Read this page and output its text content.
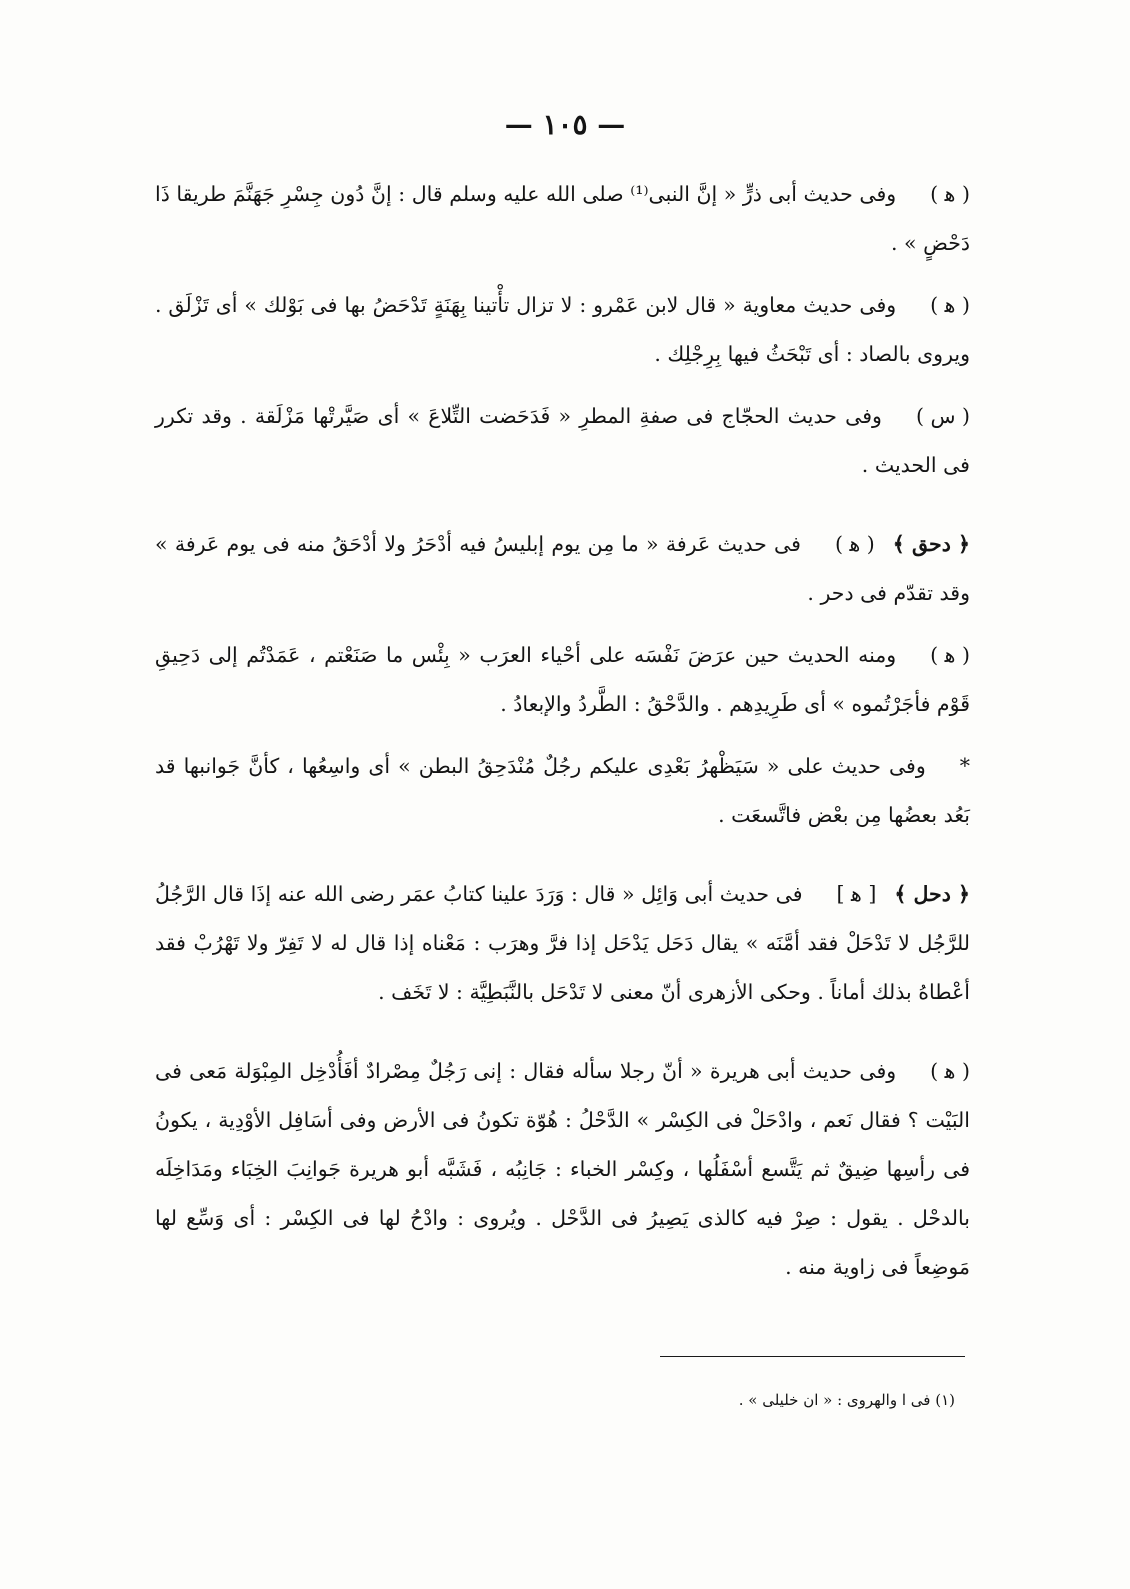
— ١٠٥ —

( ﻫ )وفى حديث أبى ذرٍّ « إنَّ النبى⁽¹⁾ صلى الله عليه وسلم قال : إنَّ دُون جِسْرِ جَهَنَّمَ طريقا ذَا دَحْضٍ » .

( ﻫ )وفى حديث معاوية « قال لابن عَمْرو : لا تزال تأْتينا بِهَنَةٍ تَدْحَضُ بها فى بَوْلك » أى تَزْلَق . ويروى بالصاد : أى تَبْحَثُ فيها بِرِجْلِك .

( س )وفى حديث الحجّاج فى صفةِ المطرِ « فَدَحَضت التِّلاعَ » أى صَيَّرتْها مَزْلَقة . وقد تكرر فى الحديث .

﴿ دحق ﴾( ﻫ )فى حديث عَرفة « ما مِن يوم إبليسُ فيه أدْحَرُ ولا أدْحَقُ منه فى يوم عَرفة » وقد تقدّم فى دحر .

( ﻫ )ومنه الحديث حين عرَضَ نَفْسَه على أحْياء العرَب « بِئْس ما صَنَعْتم ، عَمَدْتُم إلى دَحِيقِ قَوْم فأجَرْتُموه » أى طَرِيدِهم . والدَّحْقُ : الطَّردُ والإبعادُ .

*وفى حديث على « سَيَظْهرُ بَعْدِى عليكم رجُلٌ مُنْدَحِقُ البطن » أى واسِعُها ، كأنَّ جَوانبها قد بَعُد بعضُها مِن بعْض فاتَّسعَت .

﴿ دحل ﴾[ ﻫ ]فى حديث أبى وَائِل « قال : وَرَدَ علينا كتابُ عمَر رضى الله عنه إذَا قال الرَّجُلُ للرَّجُل لا تَدْحَلْ فقد أمَّنَه » يقال دَحَل يَدْحَل إذا فرَّ وهرَب : مَعْناه إذا قال له لا تَفِرّ ولا تَهْرُبْ فقد أعْطاهُ بذلك أماناً . وحكى الأزهرى أنّ معنى لا تَدْحَل بالنَّبَطِيَّة : لا تَخَف .

( ﻫ )وفى حديث أبى هريرة « أنّ رجلا سأله فقال : إنى رَجُلٌ مِصْرادٌ أفَأُدْخِل المِبْوَلة مَعى فى البَيْت ؟ فقال نَعم ، وادْحَلْ فى الكِسْر » الدَّحْلُ : هُوّة تكونُ فى الأرض وفى أسَافِل الأوْدِية ، يكونُ فى رأسِها ضِيقٌ ثم يَتَّسع أسْفَلُها ، وكِسْر الخباء : جَانِبُه ، فَشَبَّه أبو هريرة جَوانِبَ الخِبَاء ومَدَاخِلَه بالدحْل . يقول : صِرْ فيه كالذى يَصِيرُ فى الدَّحْل . ويُروى : وادْحُ لها فى الكِسْر : أى وَسِّع لها مَوضِعاً فى زاوية منه .

(١) فى ا والهروى : « ان خليلى » .
